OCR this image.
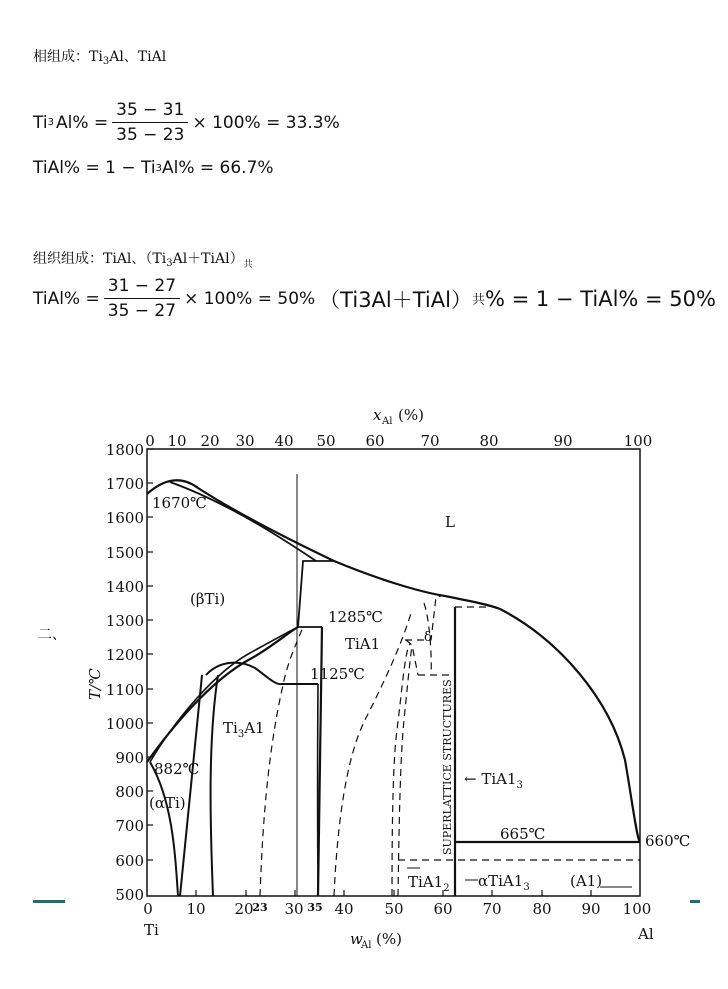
相组成：$Ti_3Al$、TiAl
Ti 3 $Al\% = \frac{35 - 31}{35 - 23} \times 100\% = 33.3\%$
TiAl% = 1 − Ti 3 Al% = 66.7%
组织组成：TiAl、$(Ti_3Al+TiAl)_共$
TiAl% = $\frac{31 - 27}{35 - 27} \times 100\% = 50\%$ （Ti3Al＋TiAl） 共 % = 1 − TiAl% = 50%
二、
x Al (%)
0 10 20 30 40 50 60 70	80	90	100
1800
1700
1600
1500
1400
1300
1200
1100
1000
900
800
700
600
500
T/℃
0 10 20 30 40 50 60 70 80 90 100
23	35
w
Al (%)
Ti	Al
1670℃
L
(βTi)
1285℃
TiA1	δ
1125℃
$Ti_3A1$
882℃
(αTi)
← $TiA1_3$
665℃	660℃
$TiA1_2$ $\alpha TiA1_3$	(A1)
SUPERLATTICE STRUCTURES
